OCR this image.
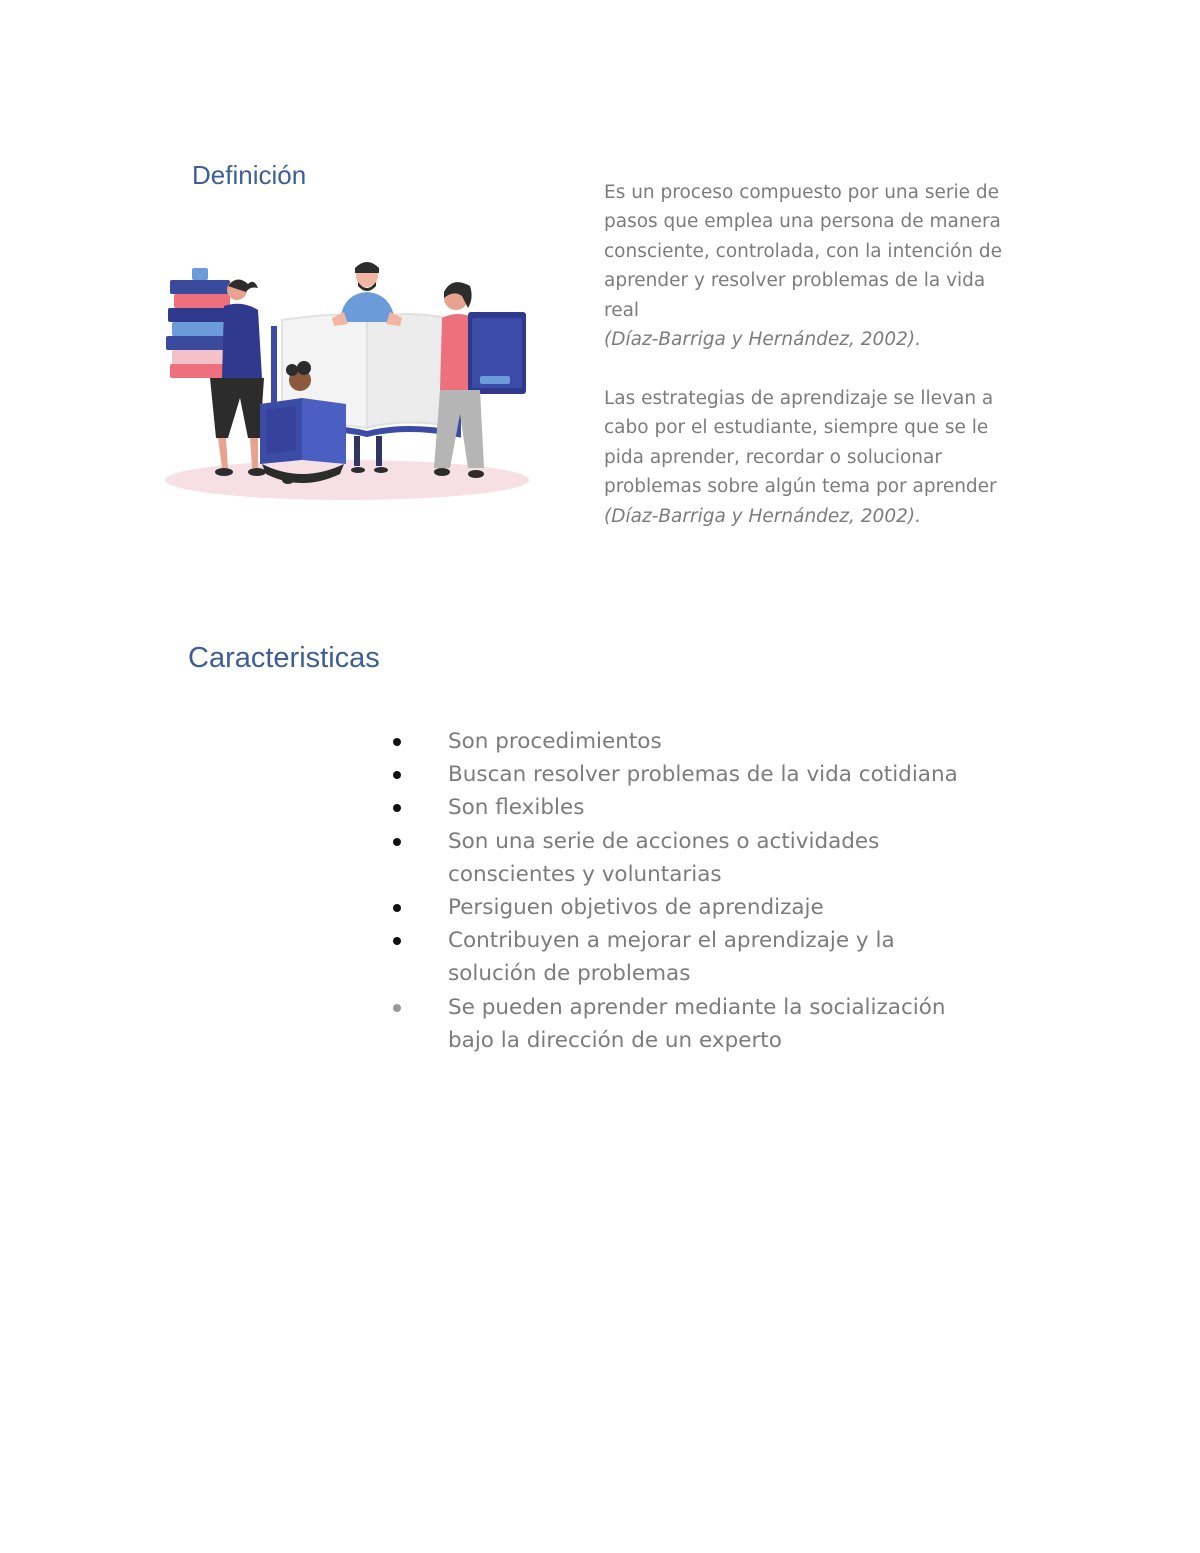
Definición

Es un proceso compuesto por una serie de pasos que emplea una persona de manera consciente, controlada, con la intención de aprender y resolver problemas de la vida real
(Díaz-Barriga y Hernández, 2002).

Las estrategias de aprendizaje se llevan a cabo por el estudiante, siempre que se le pida aprender, recordar o solucionar problemas sobre algún tema por aprender
(Díaz-Barriga y Hernández, 2002).

Caracteristicas
Son procedimientos
Buscan resolver problemas de la vida cotidiana
Son flexibles
Son una serie de acciones o actividades conscientes y voluntarias
Persiguen objetivos de aprendizaje
Contribuyen a mejorar el aprendizaje y la solución de problemas
Se pueden aprender mediante la socialización bajo la dirección de un experto
